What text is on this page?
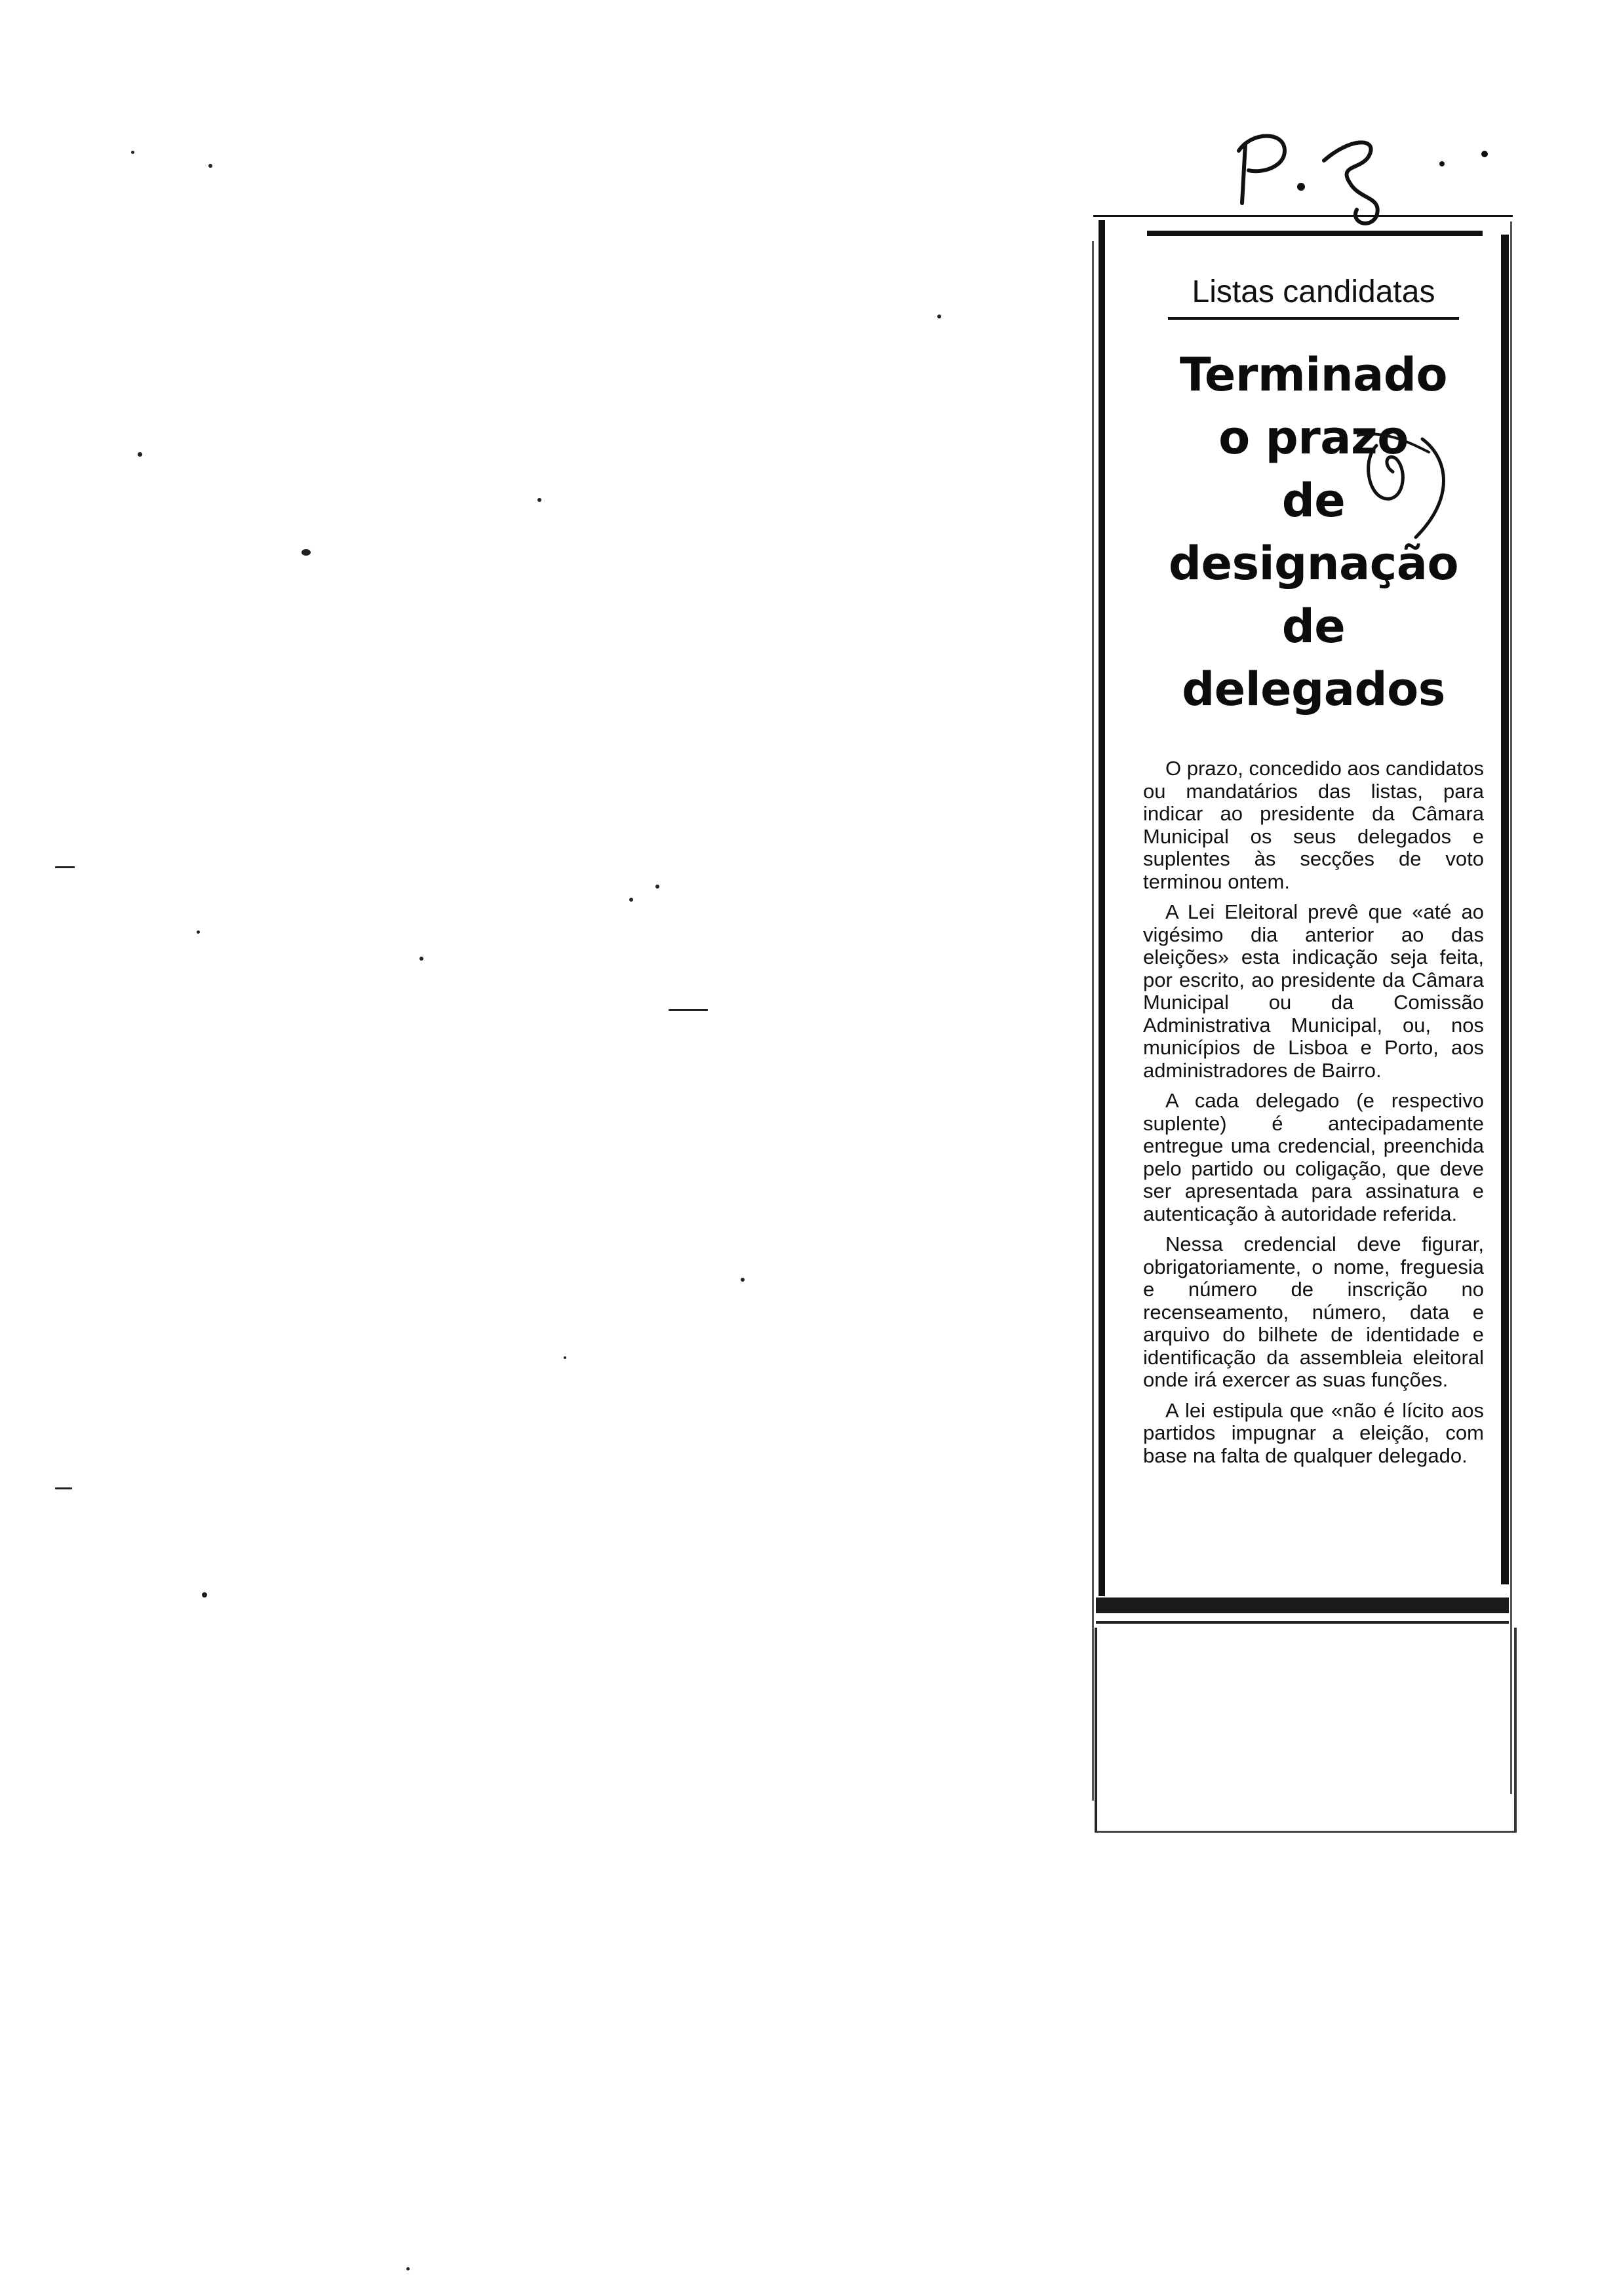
Listas candidatas
Terminado
o prazo
de
designação
de
delegados

O prazo, concedido aos candidatos ou mandatários das listas, para indicar ao presidente da Câmara Municipal os seus delegados e suplentes às secções de voto terminou ontem.

A Lei Eleitoral prevê que «até ao vigésimo dia anterior ao das eleições» esta indicação seja feita, por escrito, ao presidente da Câmara Municipal ou da Comissão Administrativa Municipal, ou, nos municípios de Lisboa e Porto, aos administradores de Bairro.

A cada delegado (e respectivo suplente) é antecipadamente entregue uma credencial, preenchida pelo partido ou coligação, que deve ser apresentada para assinatura e autenticação à autoridade referida.

Nessa credencial deve figurar, obrigatoriamente, o nome, freguesia e número de inscrição no recenseamento, número, data e arquivo do bilhete de identidade e identificação da assembleia eleitoral onde irá exercer as suas funções.

A lei estipula que «não é lícito aos partidos impugnar a eleição, com base na falta de qualquer delegado.
